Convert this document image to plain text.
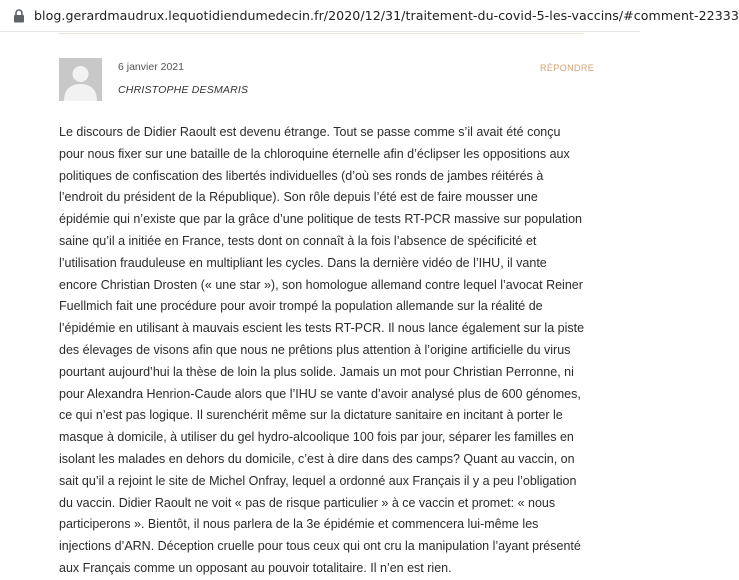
blog.gerardmaudrux.lequotidiendumedecin.fr/2020/12/31/traitement-du-covid-5-les-vaccins/#comment-22333
6 janvier 2021
CHRISTOPHE DESMARIS
RÉPONDRE
Le discours de Didier Raoult est devenu étrange. Tout se passe comme s’il avait été conçu pour nous fixer sur une bataille de la chloroquine éternelle afin d’éclipser les oppositions aux politiques de confiscation des libertés individuelles (d’où ses ronds de jambes réitérés à l’endroit du président de la République). Son rôle depuis l’été est de faire mousser une épidémie qui n’existe que par la grâce d’une politique de tests RT-PCR massive sur population saine qu’il a initiée en France, tests dont on connaît à la fois l’absence de spécificité et l’utilisation frauduleuse en multipliant les cycles. Dans la dernière vidéo de l’IHU, il vante encore Christian Drosten (« une star »), son homologue allemand contre lequel l’avocat Reiner Fuellmich fait une procédure pour avoir trompé la population allemande sur la réalité de l’épidémie en utilisant à mauvais escient les tests RT-PCR. Il nous lance également sur la piste des élevages de visons afin que nous ne prêtions plus attention à l’origine artificielle du virus pourtant aujourd’hui la thèse de loin la plus solide. Jamais un mot pour Christian Perronne, ni pour Alexandra Henrion-Caude alors que l’IHU se vante d’avoir analysé plus de 600 génomes, ce qui n’est pas logique. Il surenchérit même sur la dictature sanitaire en incitant à porter le masque à domicile, à utiliser du gel hydro-alcoolique 100 fois par jour, séparer les familles en isolant les malades en dehors du domicile, c’est à dire dans des camps? Quant au vaccin, on sait qu’il a rejoint le site de Michel Onfray, lequel a ordonné aux Français il y a peu l’obligation du vaccin. Didier Raoult ne voit « pas de risque particulier » à ce vaccin et promet: « nous participerons ». Bientôt, il nous parlera de la 3e épidémie et commencera lui-même les injections d’ARN. Déception cruelle pour tous ceux qui ont cru la manipulation l’ayant présenté aux Français comme un opposant au pouvoir totalitaire. Il n’en est rien.
